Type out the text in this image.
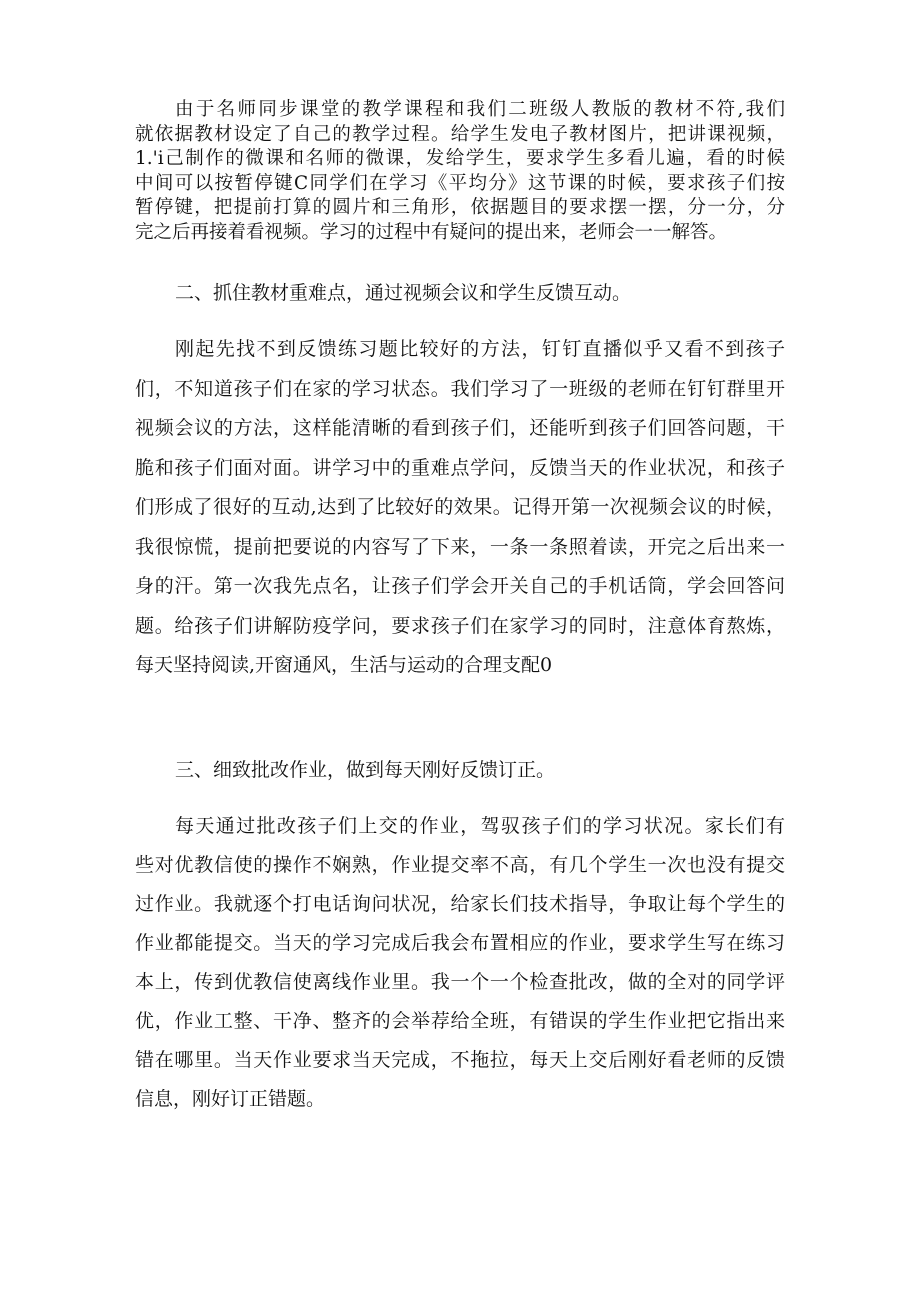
由于名师同步课堂的教学课程和我们二班级人教版的教材不符,我们
就依据教材设定了自己的教学过程。给学生发电子教材图片，把讲课视频，
1.'i己制作的微课和名师的微课，发给学生，要求学生多看儿遍，看的时候
中间可以按暂停键C同学们在学习《平均分》这节课的时候，要求孩子们按
暂停键，把提前打算的圆片和三角形，依据题目的要求摆一摆，分一分，分
完之后再接着看视频。学习的过程中有疑问的提出来，老师会一一解答。
二、抓住教材重难点，通过视频会议和学生反馈互动。
刚起先找不到反馈练习题比较好的方法，钉钉直播似乎又看不到孩子
们，不知道孩子们在家的学习状态。我们学习了一班级的老师在钉钉群里开
视频会议的方法，这样能清晰的看到孩子们，还能听到孩子们回答问题，干
脆和孩子们面对面。讲学习中的重难点学问，反馈当天的作业状况，和孩子
们形成了很好的互动,达到了比较好的效果。记得开第一次视频会议的时候，
我很惊慌，提前把要说的内容写了下来，一条一条照着读，开完之后出来一
身的汗。第一次我先点名，让孩子们学会开关自己的手机话筒，学会回答问
题。给孩子们讲解防疫学问，要求孩子们在家学习的同时，注意体育熬炼，
每天坚持阅读,开窗通风，生活与运动的合理支配0
三、细致批改作业，做到每天刚好反馈订正。
每天通过批改孩子们上交的作业，驾驭孩子们的学习状况。家长们有
些对优教信使的操作不娴熟，作业提交率不高，有几个学生一次也没有提交
过作业。我就逐个打电话询问状况，给家长们技术指导，争取让每个学生的
作业都能提交。当天的学习完成后我会布置相应的作业，要求学生写在练习
本上，传到优教信使离线作业里。我一个一个检查批改，做的全对的同学评
优，作业工整、干净、整齐的会举荐给全班，有错误的学生作业把它指出来
错在哪里。当天作业要求当天完成，不拖拉，每天上交后刚好看老师的反馈
信息，刚好订正错题。
